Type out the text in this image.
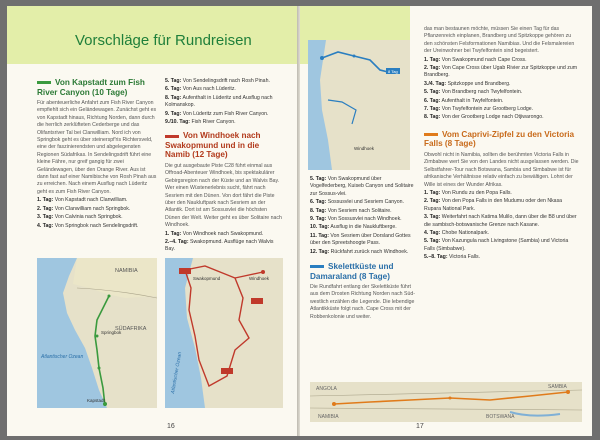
Vorschläge für Rundreisen
Von Kapstadt zum Fish River Canyon (10 Tage)

Für abenteuerliche Anfahrt zum Fish River Canyon empfiehlt sich ein Geländewagen. Zunächst geht es von Kapstadt hinaus, Richtung Norden, dann durch die herrlich zerklüfteten Cederberge und das Olifantsriver Tal bei Clanwilliam. Nord ich von Springbok geht es über steinerspf'ris Richtersveld, eine der faszinierendsten und abgelegensten Regionen Südafrikas. In Sendelingsdrift führt eine kleine Fähre, nur greif gangig für zwei Geländewagen, über den Orange River. Aus ist dann fast auf einer Namibische von Rosh Pinah aus zu erreichen. Nach einem Ausflug nach Lüderitz geht es zum Fish River Canyon.

1. Tag: Von Kapstadt nach Clanwilliam.

2. Tag: Von Clanwilliam nach Springbok.

3. Tag: Von Calvinia nach Springbok.

4. Tag: Von Springbok nach Sendelingsdrift.

5. Tag: Von Sendelingsdrift nach Rosh Pinah.

6. Tag: Von Aus nach Lüderitz.

8. Tag: Aufenthalt in Lüderitz und Ausflug nach Kolmanskop.

9. Tag: Von Lüderitz zum Fish River Canyon.

9./10. Tag: Fish River Canyon.

Von Windhoek nach Swakopmund und in die Namib (12 Tage)

Die gut ausgebaute Piste C28 führt einmal aus Offroad-Abenteuer Windhoek, bis spektakulärer Gebirgsregion nach der Küste und an Walvis Bay. Wer einen Wüstenerlebnis sucht, fährt nach Sesriem mit den Dünen. Von dort fährt die Piste über den Naukluftpark nach Sesriem an der Atlantik. Dort ist am Sossusvlei die höchsten Dünen der Welt. Weiter geht es über Solitaire nach Windhoek.

1. Tag: Von Windhoek nach Swakopmund.

2.–4. Tag: Swakopmund. Ausflüge nach Walvis Bay.

NAMIBIA
SÜDAFRIKA
Atlantischer Ozean
Kapstadt
Springbok
Atlantischer Ozean
Windhoek
Swakopmund
16
8 Tag
Windhoek

5. Tag: Von Swakopmund über Vogelfederberg, Kuiseb Canyon und Solitaire zur Sossus-vlei.

6. Tag: Sossusvlei und Sesriem Canyon.

8. Tag: Von Sesriem nach Solitaire.

9. Tag: Von Sossusvlei nach Windhoek.

10. Tag: Ausflug in die Naukluftberge.

11. Tag: Von Sesriem über Dorsland Gottes über den Spreetshoogte Pass.

12. Tag: Rückfahrt zurück nach Windhoek.

Skelettküste und Damaraland (8 Tage)

Die Rundfahrt entlang der Skelettküste führt aus dem Drosten Richtung Norden nach Süd-westlich erzählen die Legende. Die lebendige Atlantikküste folgt nach. Cape Cross mit der Robbenkolonie und weiter.

das man bestaunen möchte, müssen Sie einen Tag für das Pflanzenreich einplanen, Brandberg und Spitzkoppe gehören zu den schönsten Felsformationen Namibias. Und die Felsmalereien der Ureinwohner bei Twyfelfontein sind begeistert.

1. Tag: Von Swakopmund nach Cape Cross.

2. Tag: Von Cape Cross über Ugab Rivier zur Spitzkoppe und zum Brandberg.

3./4. Tag: Spitzkoppe und Brandberg.

5. Tag: Von Brandberg nach Twyfelfontein.

6. Tag: Aufenthalt in Twyfelfontein.

7. Tag: Von Twyfelfontein zur Grootberg Lodge.

8. Tag: Von der Grootberg Lodge nach Otjiwarongo.

Vom Caprivi-Zipfel zu den Victoria Falls (8 Tage)

Obwohl nicht in Namibia, sollten die berühmten Victoria Falls in Zimbabwe wert Sie von den Landes nicht ausgelassen werden. Die Selbstfahrer-Tour nach Botswana, Sambia und Simbabwe ist für afrikanische Verhältnisse relativ einfach zu bewältigen. Lohnt der Wille ist eines der Wunder Afrikas.

1. Tag: Von Rundu zu den Popa Falls.

2. Tag: Von den Popa Falls in den Mudumu oder den Nkasa Rupara National Park.

3. Tag: Weiterfahrt nach Katima Mulilo, dann über die B8 und über die sambisch-botswanische Grenze nach Kasane.

4. Tag: Chobe Nationalpark.

5. Tag: Von Kazungula nach Livingstone (Sambia) und Victoria Falls (Simbabwe).

5.–8. Tag: Victoria Falls.

ANGOLA	SAMBIA
NAMIBIA	BOTSWANA
17
